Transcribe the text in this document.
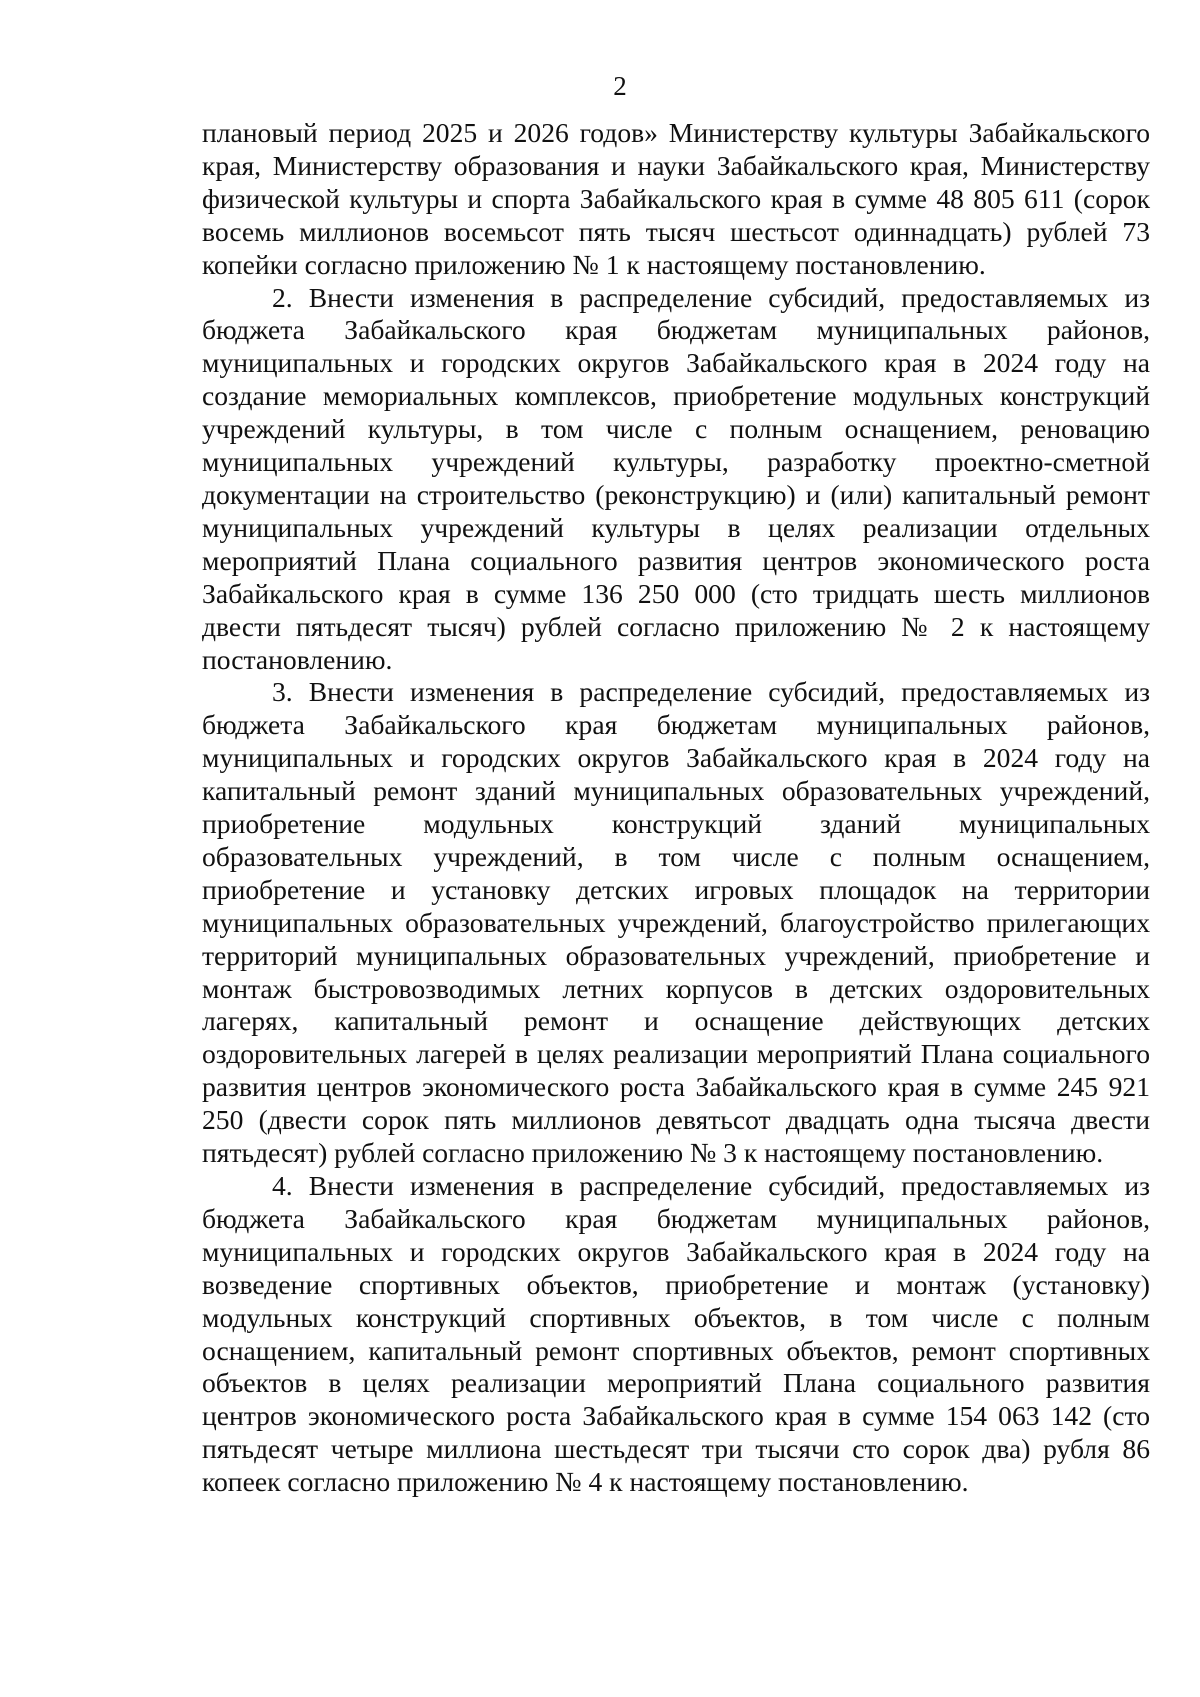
2

плановый период 2025 и 2026 годов» Министерству культуры Забайкальского края, Министерству образования и науки Забайкальского края, Министерству физической культуры и спорта Забайкальского края в сумме 48 805 611 (сорок восемь миллионов восемьсот пять тысяч шестьсот одиннадцать) рублей 73 копейки согласно приложению № 1 к настоящему постановлению.

2. Внести изменения в распределение субсидий, предоставляемых из бюджета Забайкальского края бюджетам муниципальных районов, муниципальных и городских округов Забайкальского края в 2024 году на создание мемориальных комплексов, приобретение модульных конструкций учреждений культуры, в том числе с полным оснащением, реновацию муниципальных учреждений культуры, разработку проектно-сметной документации на строительство (реконструкцию) и (или) капитальный ремонт муниципальных учреждений культуры в целях реализации отдельных мероприятий Плана социального развития центров экономического роста Забайкальского края в сумме 136 250 000 (сто тридцать шесть миллионов двести пятьдесят тысяч) рублей согласно приложению № 2 к настоящему постановлению.

3. Внести изменения в распределение субсидий, предоставляемых из бюджета Забайкальского края бюджетам муниципальных районов, муниципальных и городских округов Забайкальского края в 2024 году на капитальный ремонт зданий муниципальных образовательных учреждений, приобретение модульных конструкций зданий муниципальных образовательных учреждений, в том числе с полным оснащением, приобретение и установку детских игровых площадок на территории муниципальных образовательных учреждений, благоустройство прилегающих территорий муниципальных образовательных учреждений, приобретение и монтаж быстровозводимых летних корпусов в детских оздоровительных лагерях, капитальный ремонт и оснащение действующих детских оздоровительных лагерей в целях реализации мероприятий Плана социального развития центров экономического роста Забайкальского края в сумме 245 921 250 (двести сорок пять миллионов девятьсот двадцать одна тысяча двести пятьдесят) рублей согласно приложению № 3 к настоящему постановлению.

4. Внести изменения в распределение субсидий, предоставляемых из бюджета Забайкальского края бюджетам муниципальных районов, муниципальных и городских округов Забайкальского края в 2024 году на возведение спортивных объектов, приобретение и монтаж (установку) модульных конструкций спортивных объектов, в том числе с полным оснащением, капитальный ремонт спортивных объектов, ремонт спортивных объектов в целях реализации мероприятий Плана социального развития центров экономического роста Забайкальского края в сумме 154 063 142 (сто пятьдесят четыре миллиона шестьдесят три тысячи сто сорок два) рубля 86 копеек согласно приложению № 4 к настоящему постановлению.
